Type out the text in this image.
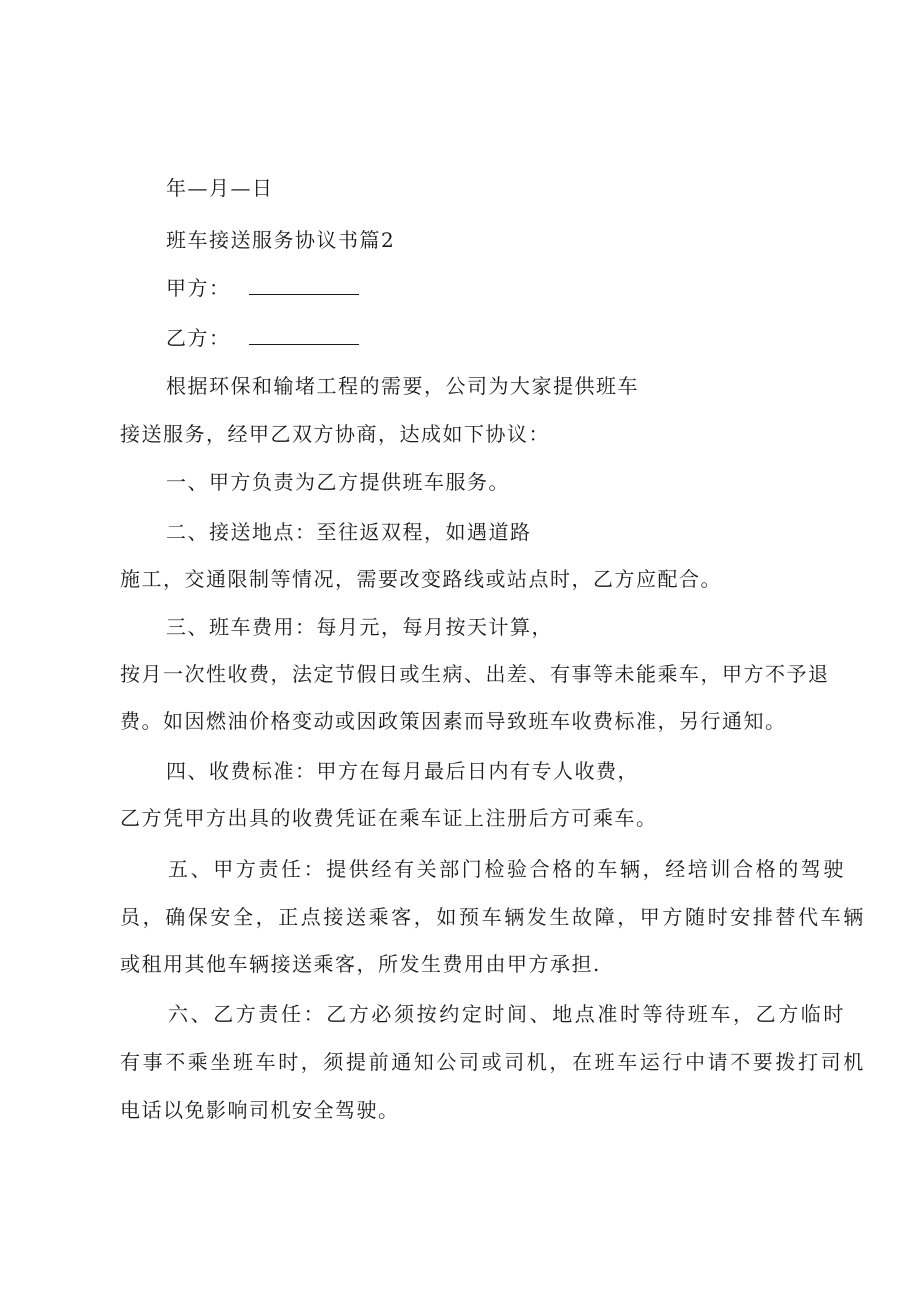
年—月—日
班车接送服务协议书篇2
甲方：
乙方：
根据环保和输堵工程的需要，公司为大家提供班车
接送服务，经甲乙双方协商，达成如下协议：
一、甲方负责为乙方提供班车服务。
二、接送地点：至往返双程，如遇道路
施工，交通限制等情况，需要改变路线或站点时，乙方应配合。
三、班车费用：每月元，每月按天计算，
按月一次性收费，法定节假日或生病、出差、有事等未能乘车，甲方不予退
费。如因燃油价格变动或因政策因素而导致班车收费标准，另行通知。
四、收费标准：甲方在每月最后日内有专人收费，
乙方凭甲方出具的收费凭证在乘车证上注册后方可乘车。
五、甲方责任：提供经有关部门检验合格的车辆，经培训合格的驾驶
员，确保安全，正点接送乘客，如预车辆发生故障，甲方随时安排替代车辆
或租用其他车辆接送乘客，所发生费用由甲方承担.
六、乙方责任：乙方必须按约定时间、地点准时等待班车，乙方临时
有事不乘坐班车时，须提前通知公司或司机，在班车运行中请不要拨打司机
电话以免影响司机安全驾驶。
